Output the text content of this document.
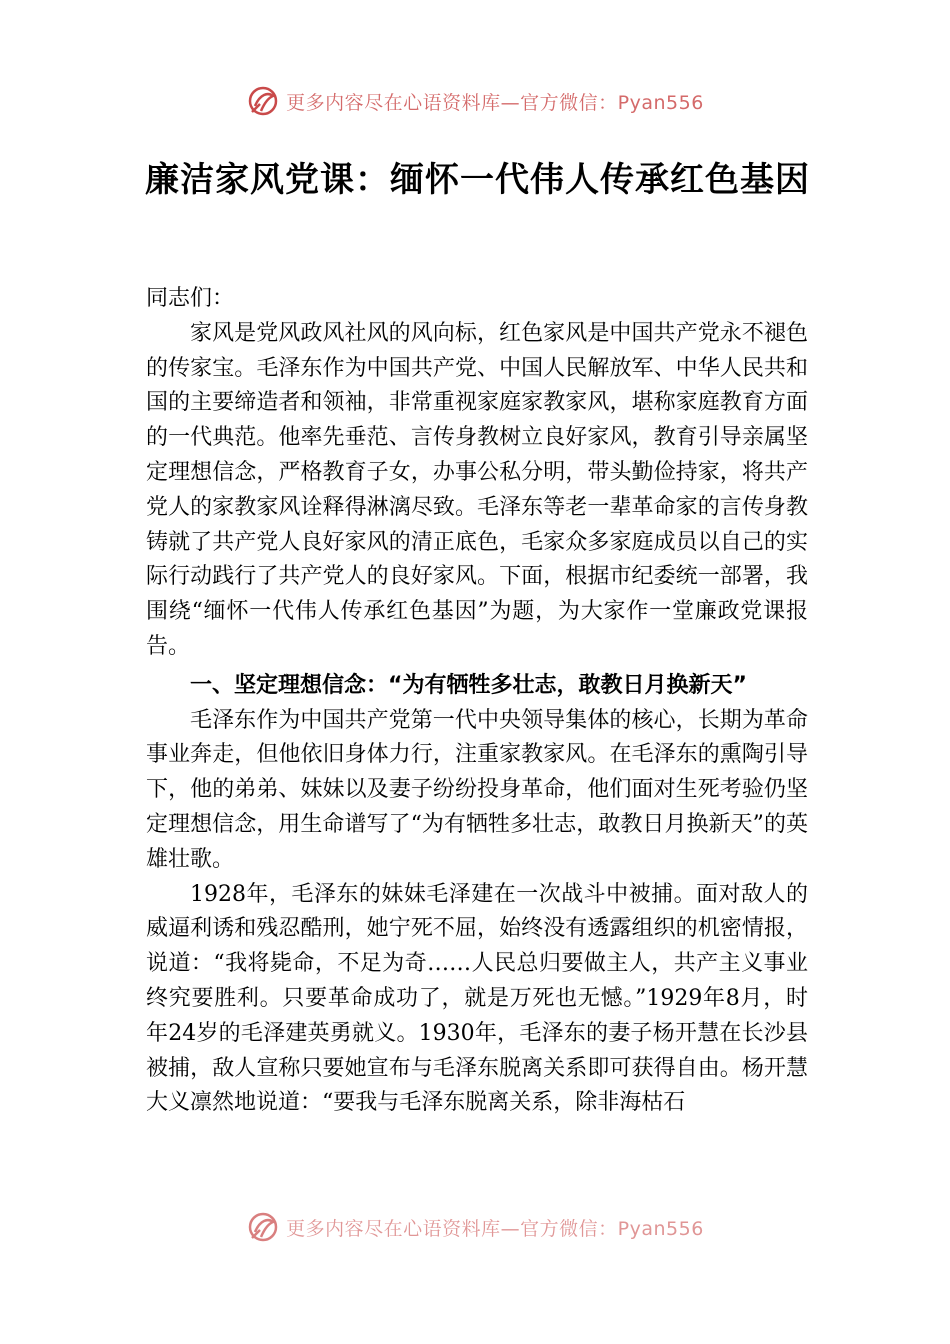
更多内容尽在心语资料库—官方微信：Pyan556
廉洁家风党课：缅怀一代伟人传承红色基因

同志们：

家风是党风政风社风的风向标，红色家风是中国共产党永不褪色的传家宝。毛泽东作为中国共产党、中国人民解放军、中华人民共和国的主要缔造者和领袖，非常重视家庭家教家风，堪称家庭教育方面的一代典范。他率先垂范、言传身教树立良好家风，教育引导亲属坚定理想信念，严格教育子女，办事公私分明，带头勤俭持家，将共产党人的家教家风诠释得淋漓尽致。毛泽东等老一辈革命家的言传身教铸就了共产党人良好家风的清正底色，毛家众多家庭成员以自己的实际行动践行了共产党人的良好家风。下面，根据市纪委统一部署，我围绕“缅怀一代伟人传承红色基因”为题，为大家作一堂廉政党课报告。

一、坚定理想信念：“为有牺牲多壮志，敢教日月换新天”

毛泽东作为中国共产党第一代中央领导集体的核心，长期为革命事业奔走，但他依旧身体力行，注重家教家风。在毛泽东的熏陶引导下，他的弟弟、妹妹以及妻子纷纷投身革命，他们面对生死考验仍坚定理想信念，用生命谱写了“为有牺牲多壮志，敢教日月换新天”的英雄壮歌。

1928年，毛泽东的妹妹毛泽建在一次战斗中被捕。面对敌人的威逼利诱和残忍酷刑，她宁死不屈，始终没有透露组织的机密情报，说道：“我将毙命，不足为奇……人民总归要做主人，共产主义事业终究要胜利。只要革命成功了，就是万死也无憾。”1929年8月，时年24岁的毛泽建英勇就义。1930年，毛泽东的妻子杨开慧在长沙县被捕，敌人宣称只要她宣布与毛泽东脱离关系即可获得自由。杨开慧大义凛然地说道：“要我与毛泽东脱离关系，除非海枯石

更多内容尽在心语资料库—官方微信：Pyan556
